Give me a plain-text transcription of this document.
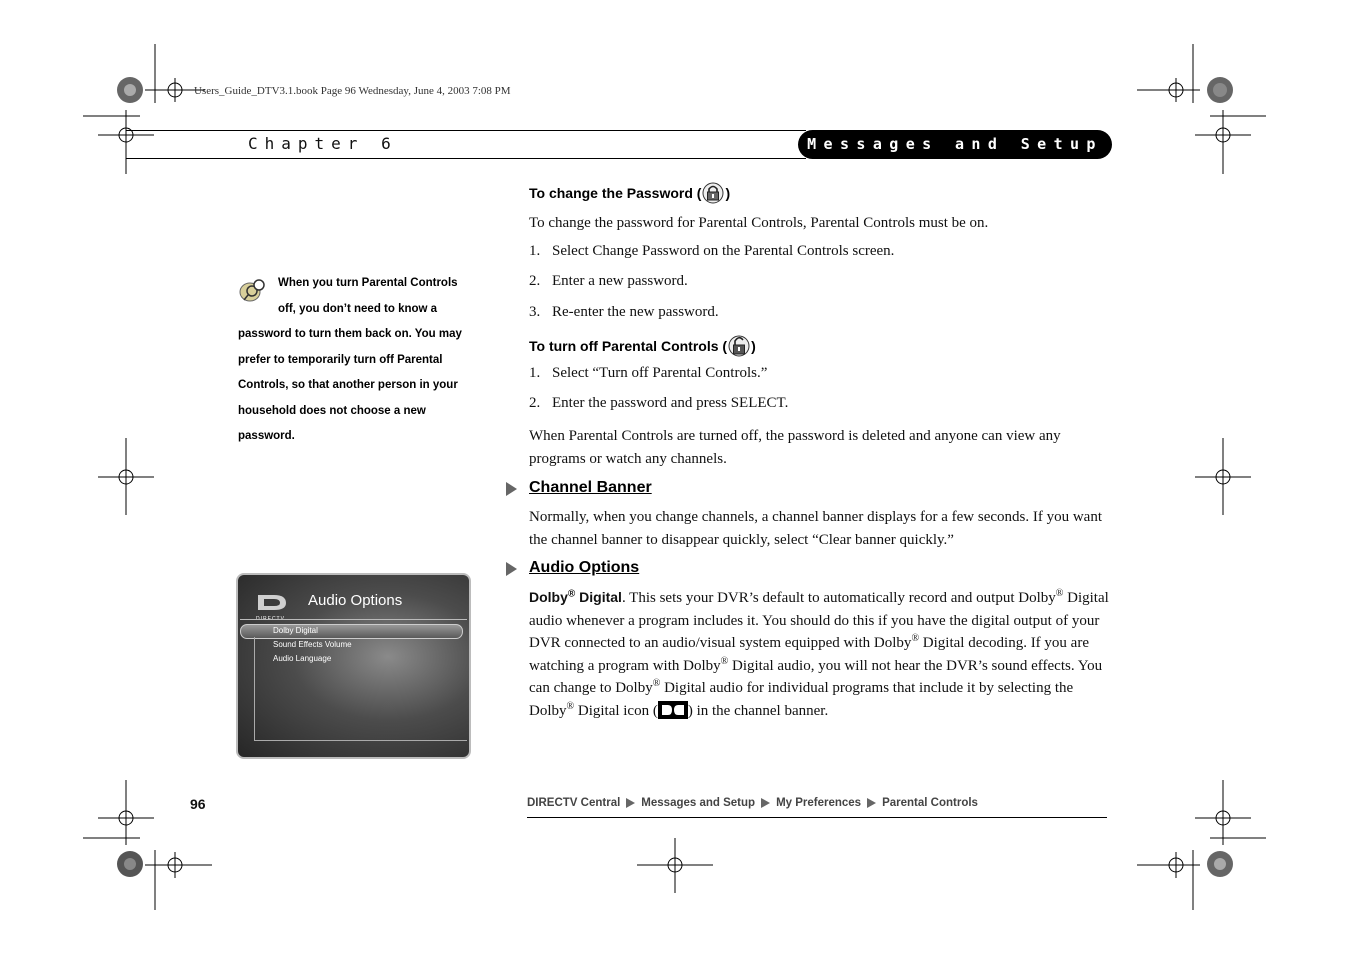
Users_Guide_DTV3.1.book Page 96 Wednesday, June 4, 2003 7:08 PM
Chapter 6	Messages and Setup
When you turn Parental Controls off, you don’t need to know a password to turn them back on. You may prefer to temporarily turn off Parental Controls, so that another person in your household does not choose a new password.
Audio Options
Dolby Digital
Sound Effects Volume
Audio Language
To change the Password ( )
To change the password for Parental Controls, Parental Controls must be on.
1. Select Change Password on the Parental Controls screen.
2. Enter a new password.
3. Re-enter the new password.
To turn off Parental Controls ( )
1. Select “Turn off Parental Controls.”
2. Enter the password and press SELECT.
When Parental Controls are turned off, the password is deleted and anyone can view any programs or watch any channels.
Channel Banner
Normally, when you change channels, a channel banner displays for a few seconds. If you want the channel banner to disappear quickly, select “Clear banner quickly.”
Audio Options
Dolby® Digital. This sets your DVR’s default to automatically record and output Dolby® Digital audio whenever a program includes it. You should do this if you have the digital output of your DVR connected to an audio/visual system equipped with Dolby® Digital decoding. If you are watching a program with Dolby® Digital audio, you will not hear the DVR’s sound effects. You can change to Dolby® Digital audio for individual programs that include it by selecting the Dolby® Digital icon ( ) in the channel banner.
96	DIRECTV Central Messages and Setup My Preferences Parental Controls
